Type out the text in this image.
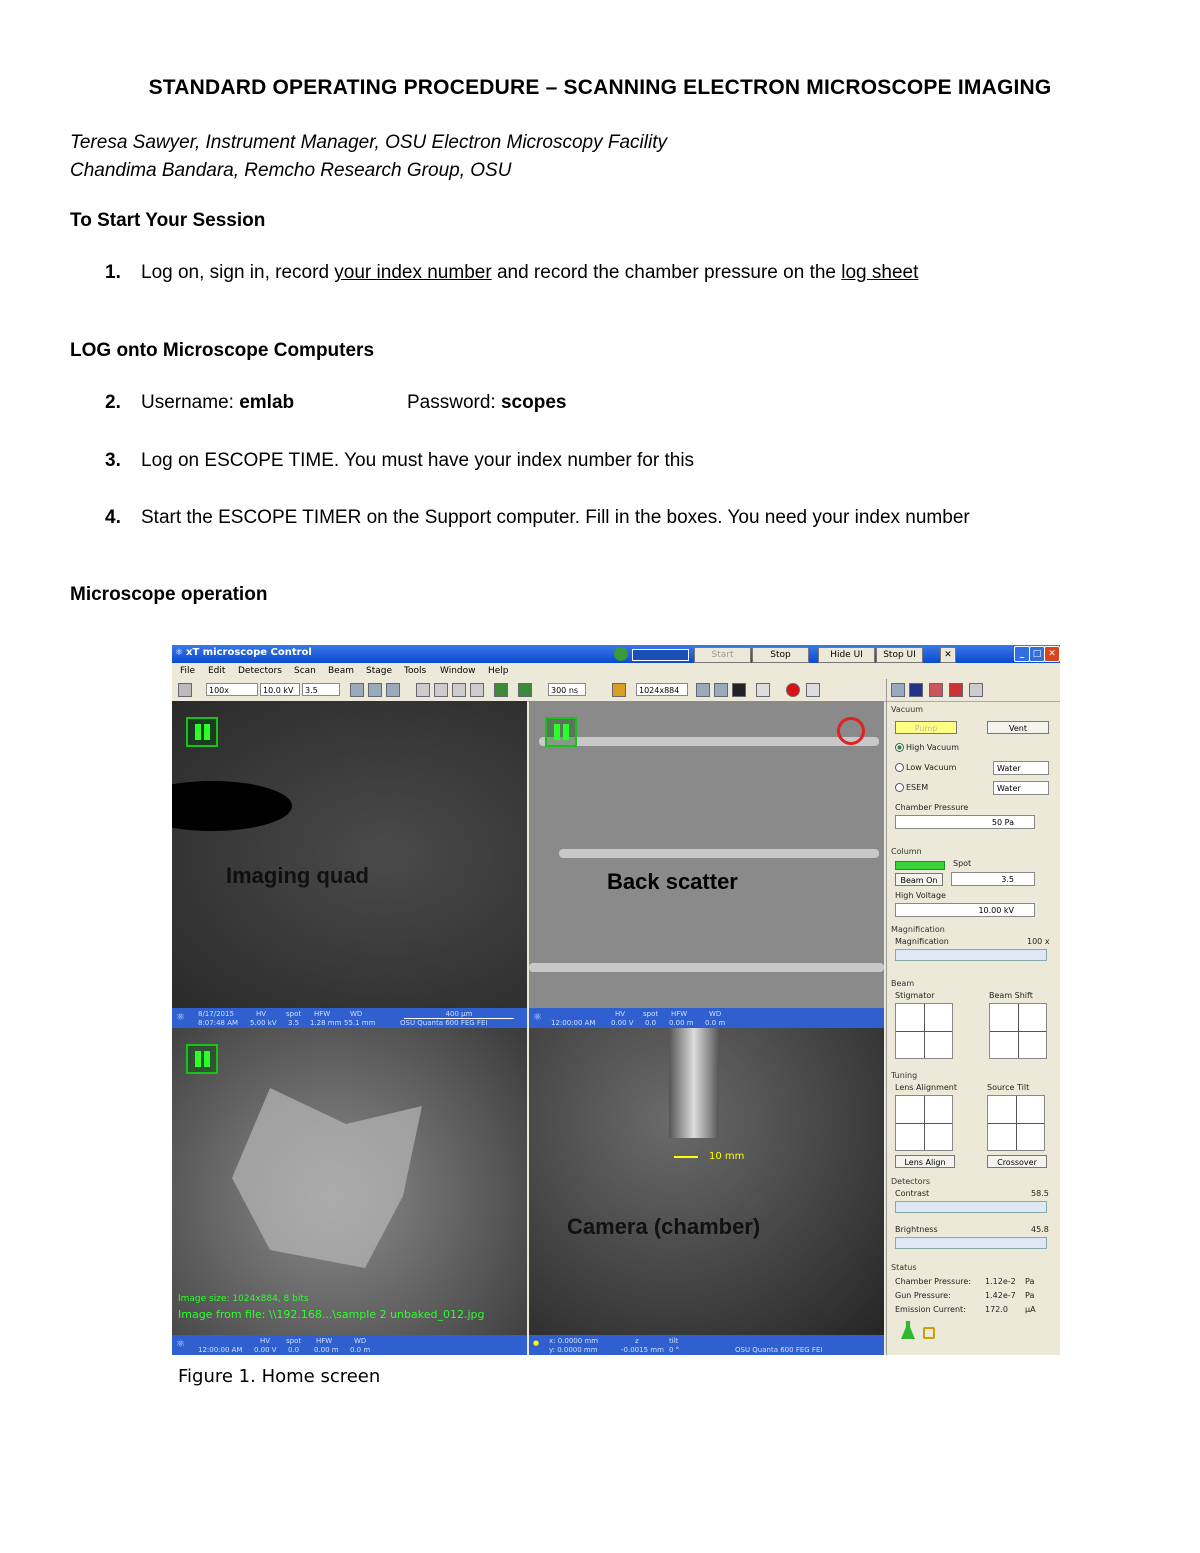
STANDARD OPERATING PROCEDURE – SCANNING ELECTRON MICROSCOPE IMAGING
Teresa Sawyer, Instrument Manager, OSU Electron Microscopy Facility
Chandima Bandara, Remcho Research Group, OSU
To Start Your Session
1. Log on, sign in, record your index number and record the chamber pressure on the log sheet
LOG onto Microscope Computers
2. Username: emlab	Password: scopes
3. Log on ESCOPE TIME. You must have your index number for this
4. Start the ESCOPE TIMER on the Support computer. Fill in the boxes. You need your index number
Microscope operation
⚛ xT microscope Control	Start	Stop	Hide UI	Stop UI	✕	_ □ ✕
File Edit Detectors Scan Beam Stage Tools Window Help
100x	10.0 kV	3.5	300 ns	1024x884
Imaging quad	Back scatter
⚛ 8/17/2015
8:07:48 AM
HV
5.00 kV
spot
3.5
HFW
1.28 mm
WD
55.1 mm
400 μm
OSU Quanta 600 FEG FEI	⚛ 12:00:00 AM
HV
0.00 V
spot
0.0
HFW
0.00 m
WD
0.0 m
Image size: 1024x884, 8 bits
Image from file: \\192.168...\sample 2 unbaked_012.jpg
10 mm
Camera (chamber)
⚛ 12:00:00 AM
HV
0.00 V
spot
0.0
HFW
0.00 m
WD
0.0 m
● x: 0.0000 mm
y: 0.0000 mm
z
-0.0015 mm
tilt
0 °	OSU Quanta 600 FEG FEI
Vacuum
Pump	Vent
High Vacuum
Low Vacuum	Water
ESEM	Water
Chamber Pressure
50 Pa
Column
Spot
Beam On	3.5
High Voltage
10.00 kV
Magnification
Magnification	100 x
Beam
Stigmator	Beam Shift
Tuning
Lens Alignment	Source Tilt
Lens Align	Crossover
Detectors
Contrast	58.5
Brightness	45.8
Status
Chamber Pressure: 1.12e-2 Pa
Gun Pressure:	1.42e-7 Pa
Emission Current: 172.0 μA
Figure 1. Home screen
